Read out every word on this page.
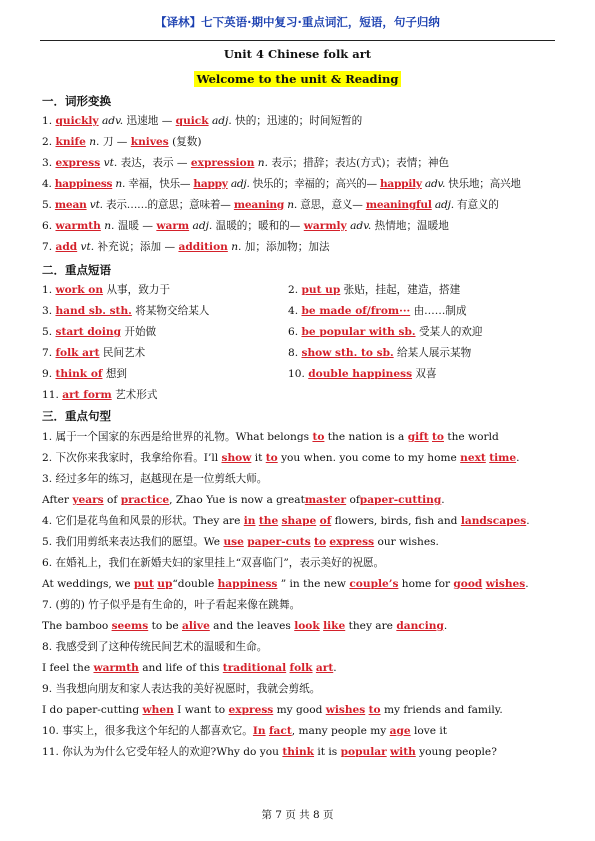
【译林】七下英语·期中复习·重点词汇，短语，句子归纳
Unit 4 Chinese folk art
Welcome to the unit & Reading
一．词形变换
1. quickly adv. 迅速地 — quick adj. 快的；迅速的；时间短暂的
2. knife n. 刀 — knives (复数)
3. express vt. 表达，表示 — expression n. 表示；措辞；表达(方式)；表情；神色
4. happiness n. 幸福，快乐— happy adj. 快乐的；幸福的；高兴的— happily adv. 快乐地；高兴地
5. mean vt. 表示……的意思；意味着— meaning n. 意思，意义— meaningful adj. 有意义的
6. warmth n. 温暖 — warm adj. 温暖的；暖和的— warmly adv. 热情地；温暖地
7. add vt. 补充说；添加 — addition n. 加；添加物；加法
二．重点短语
1. work on 从事，致力于	2. put up 张贴，挂起，建造，搭建
3. hand sb. sth. 将某物交给某人	4. be made of/from··· 由……制成
5. start doing 开始做	6. be popular with sb. 受某人的欢迎
7. folk art 民间艺术	8. show sth. to sb. 给某人展示某物
9. think of 想到	10. double happiness 双喜
11. art form 艺术形式
三．重点句型
1. 属于一个国家的东西是给世界的礼物。What belongs to the nation is a gift to the world
2. 下次你来我家时，我拿给你看。I’ll show it to you when. you come to my home next time.
3. 经过多年的练习，赵越现在是一位剪纸大师。
After years of practice, Zhao Yue is now a greatmaster ofpaper-cutting.
4. 它们是花鸟鱼和风景的形状。They are in the shape of flowers, birds, fish and landscapes.
5. 我们用剪纸来表达我们的愿望。We use paper-cuts to express our wishes.
6. 在婚礼上，我们在新婚夫妇的家里挂上“双喜临门”，表示美好的祝愿。
At weddings, we put up“double happiness ” in the new couple’s home for good wishes.
7. (剪的) 竹子似乎是有生命的，叶子看起来像在跳舞。
The bamboo seems to be alive and the leaves look like they are dancing.
8. 我感受到了这种传统民间艺术的温暖和生命。
I feel the warmth and life of this traditional folk art.
9. 当我想向朋友和家人表达我的美好祝愿时，我就会剪纸。
I do paper-cutting when I want to express my good wishes to my friends and family.
10. 事实上，很多我这个年纪的人都喜欢它。In fact, many people my age love it
11. 你认为为什么它受年轻人的欢迎?Why do you think it is popular with young people?
第 7 页 共 8 页
